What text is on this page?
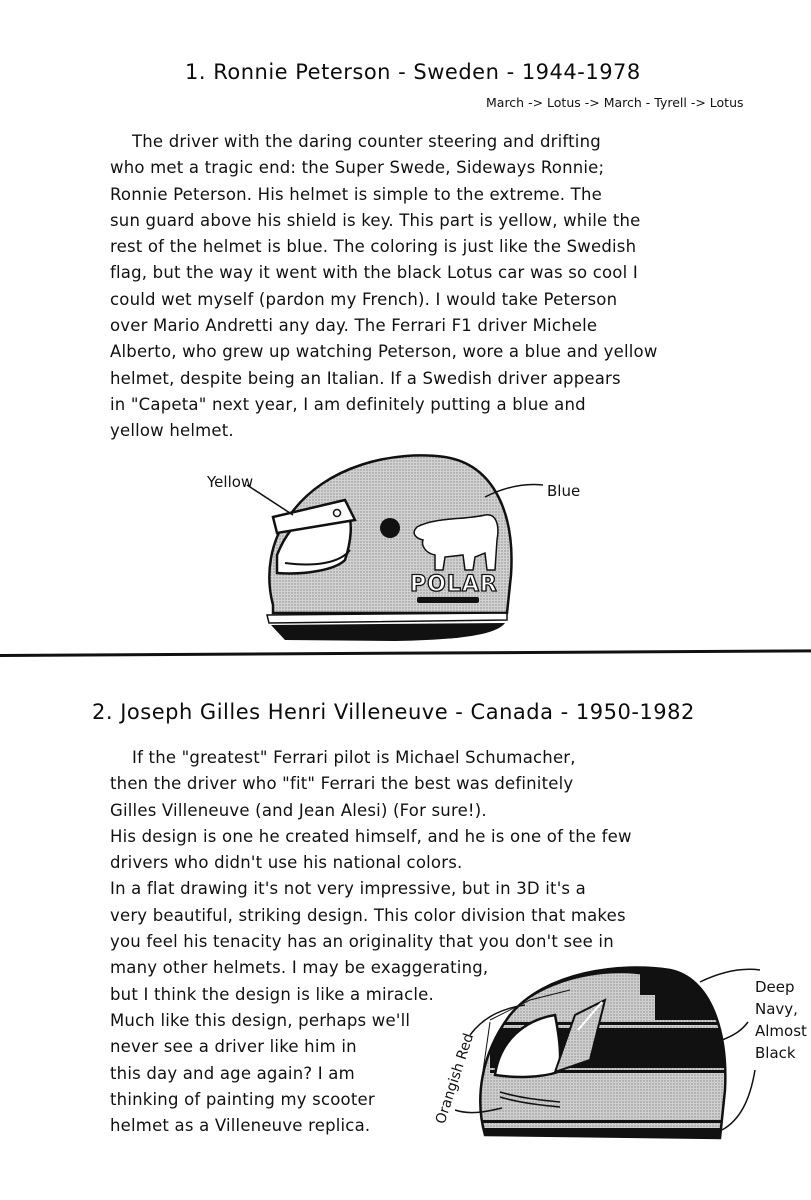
1. Ronnie Peterson - Sweden - 1944-1978
March -> Lotus -> March - Tyrell -> Lotus
The driver with the daring counter steering and drifting
who met a tragic end: the Super Swede, Sideways Ronnie;
Ronnie Peterson. His helmet is simple to the extreme. The
sun guard above his shield is key. This part is yellow, while the
rest of the helmet is blue. The coloring is just like the Swedish
flag, but the way it went with the black Lotus car was so cool I
could wet myself (pardon my French). I would take Peterson
over Mario Andretti any day. The Ferrari F1 driver Michele
Alberto, who grew up watching Peterson, wore a blue and yellow
helmet, despite being an Italian. If a Swedish driver appears
in "Capeta" next year, I am definitely putting a blue and
yellow helmet.
POLAR
Yellow	Blue
2. Joseph Gilles Henri Villeneuve - Canada - 1950-1982
If the "greatest" Ferrari pilot is Michael Schumacher,
then the driver who "fit" Ferrari the best was definitely
Gilles Villeneuve (and Jean Alesi) (For sure!).
His design is one he created himself, and he is one of the few
drivers who didn't use his national colors.
In a flat drawing it's not very impressive, but in 3D it's a
very beautiful, striking design. This color division that makes
you feel his tenacity has an originality that you don't see in
many other helmets. I may be exaggerating,
but I think the design is like a miracle.
Much like this design, perhaps we'll
never see a driver like him in
this day and age again? I am
thinking of painting my scooter
helmet as a Villeneuve replica.	Orangish Red
Deep
Navy,
Almost
Black
